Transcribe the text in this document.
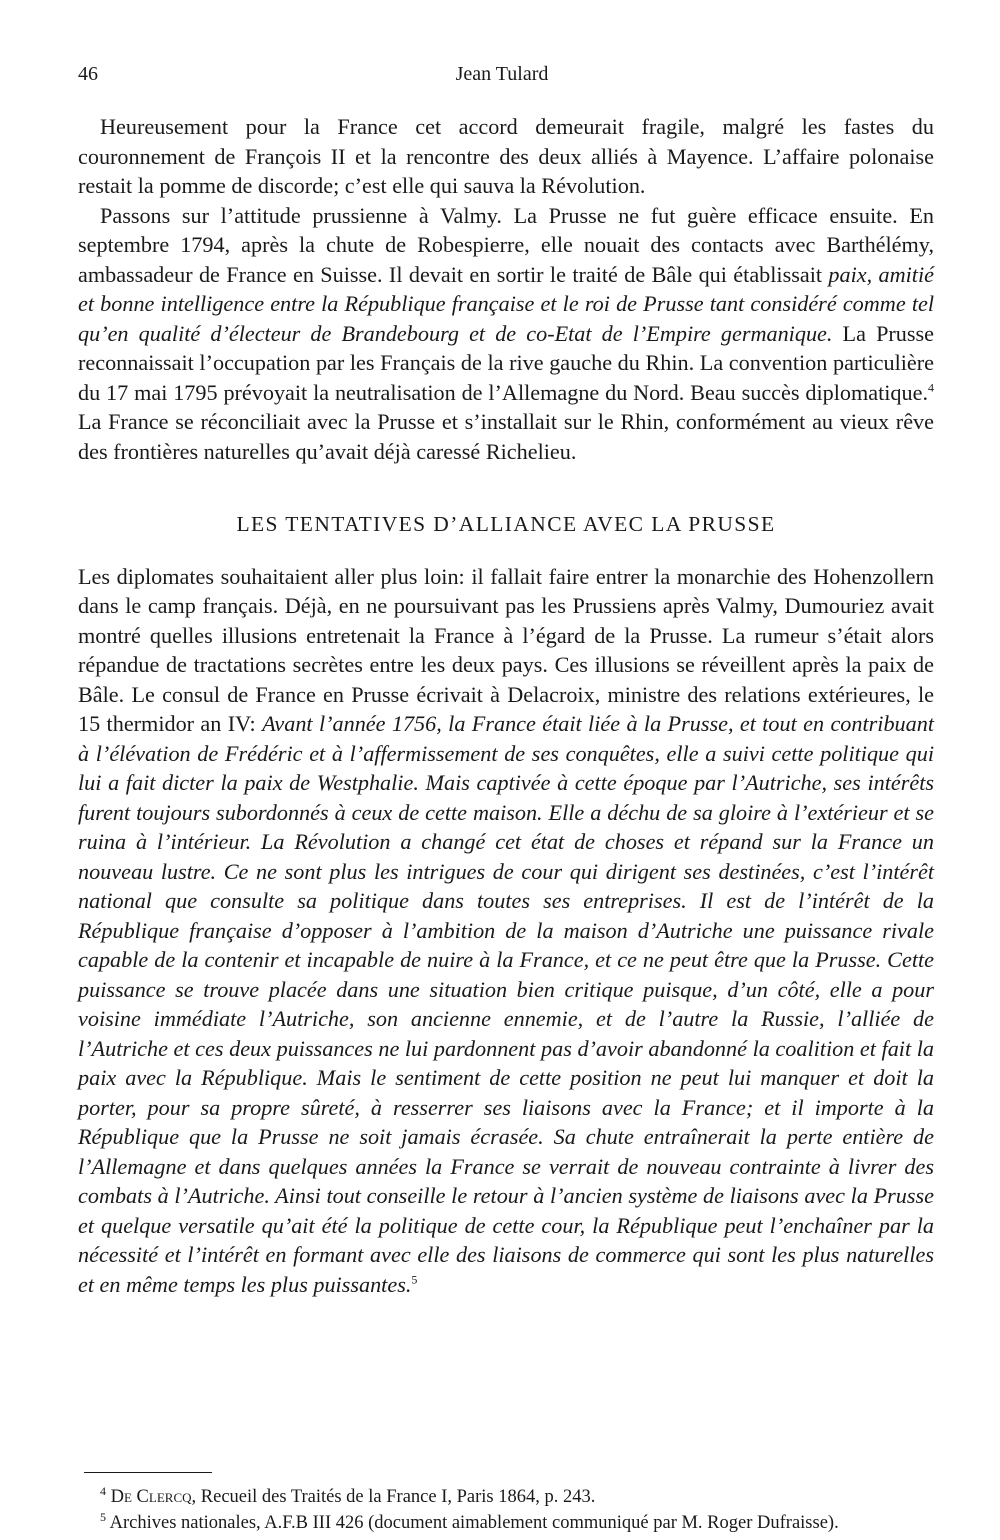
46	Jean Tulard

Heureusement pour la France cet accord demeurait fragile, malgré les fastes du couronnement de François II et la rencontre des deux alliés à Mayence. L’affaire polonaise restait la pomme de discorde; c’est elle qui sauva la Révolution.

Passons sur l’attitude prussienne à Valmy. La Prusse ne fut guère efficace ensuite. En septembre 1794, après la chute de Robespierre, elle nouait des contacts avec Barthélémy, ambassadeur de France en Suisse. Il devait en sortir le traité de Bâle qui établissait paix, amitié et bonne intelligence entre la République française et le roi de Prusse tant considéré comme tel qu’en qualité d’électeur de Brandebourg et de co-Etat de l’Empire germanique. La Prusse reconnaissait l’occupation par les Français de la rive gauche du Rhin. La convention particulière du 17 mai 1795 prévoyait la neutralisation de l’Allemagne du Nord. Beau succès diplomatique.$^4$ La France se réconciliait avec la Prusse et s’installait sur le Rhin, conformément au vieux rêve des frontières naturelles qu’avait déjà caressé Richelieu.

LES TENTATIVES D’ALLIANCE AVEC LA PRUSSE

Les diplomates souhaitaient aller plus loin: il fallait faire entrer la monarchie des Hohenzollern dans le camp français. Déjà, en ne poursuivant pas les Prussiens après Valmy, Dumouriez avait montré quelles illusions entretenait la France à l’égard de la Prusse. La rumeur s’était alors répandue de tractations secrètes entre les deux pays. Ces illusions se réveillent après la paix de Bâle. Le consul de France en Prusse écrivait à Delacroix, ministre des relations extérieures, le 15 thermidor an IV: Avant l’année 1756, la France était liée à la Prusse, et tout en contribuant à l’élévation de Frédéric et à l’affermissement de ses conquêtes, elle a suivi cette politique qui lui a fait dicter la paix de Westphalie. Mais captivée à cette époque par l’Autriche, ses intérêts furent toujours subordonnés à ceux de cette maison. Elle a déchu de sa gloire à l’extérieur et se ruina à l’intérieur. La Révolution a changé cet état de choses et répand sur la France un nouveau lustre. Ce ne sont plus les intrigues de cour qui dirigent ses destinées, c’est l’intérêt national que consulte sa politique dans toutes ses entreprises. Il est de l’intérêt de la République française d’opposer à l’ambition de la maison d’Autriche une puissance rivale capable de la contenir et incapable de nuire à la France, et ce ne peut être que la Prusse. Cette puissance se trouve placée dans une situation bien critique puisque, d’un côté, elle a pour voisine immédiate l’Autriche, son ancienne ennemie, et de l’autre la Russie, l’alliée de l’Autriche et ces deux puissances ne lui pardonnent pas d’avoir abandonné la coalition et fait la paix avec la République. Mais le sentiment de cette position ne peut lui manquer et doit la porter, pour sa propre sûreté, à resserrer ses liaisons avec la France; et il importe à la République que la Prusse ne soit jamais écrasée. Sa chute entraînerait la perte entière de l’Allemagne et dans quelques années la France se verrait de nouveau contrainte à livrer des combats à l’Autriche. Ainsi tout conseille le retour à l’ancien système de liaisons avec la Prusse et quelque versatile qu’ait été la politique de cette cour, la République peut l’enchaîner par la nécessité et l’intérêt en formant avec elle des liaisons de commerce qui sont les plus naturelles et en même temps les plus puissantes.$^5$

$^4$ De Clercq, Recueil des Traités de la France I, Paris 1864, p. 243.
$^5$ Archives nationales, A.F.B III 426 (document aimablement communiqué par M. Roger Dufraisse).
